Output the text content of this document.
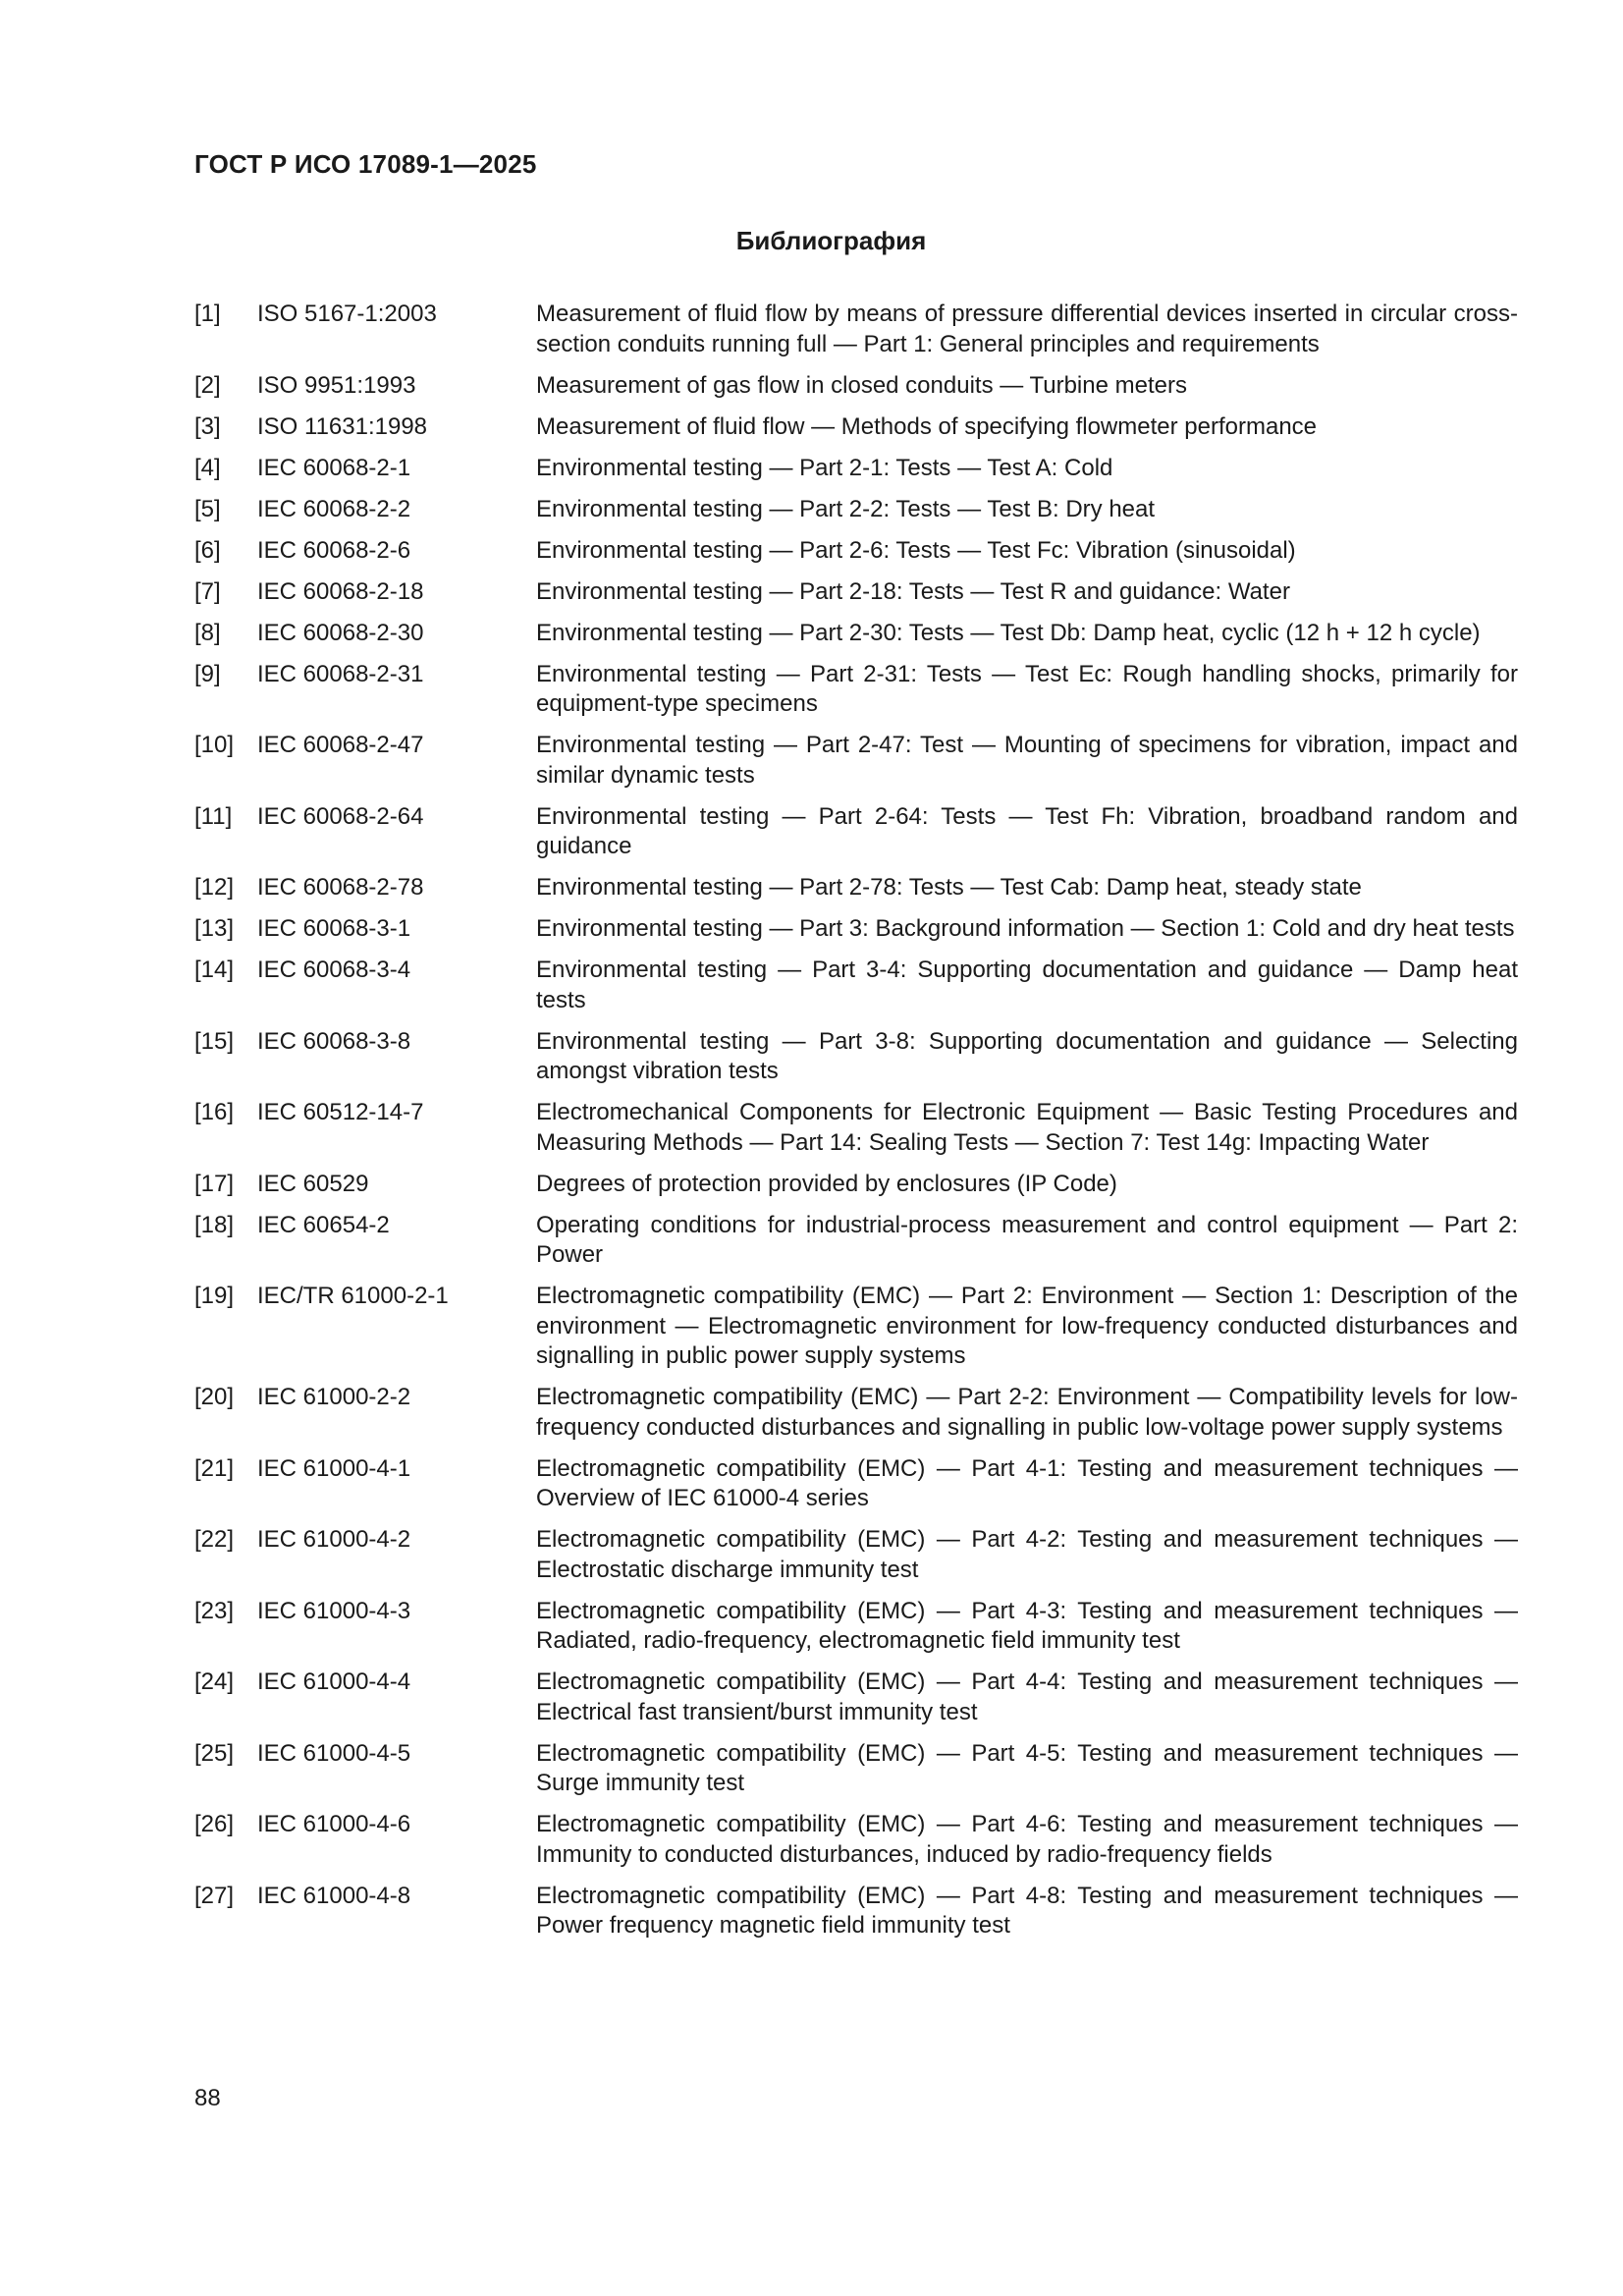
ГОСТ Р ИСО 17089-1—2025
Библиография
[1]	ISO 5167-1:2003	Measurement of fluid flow by means of pressure differential devices inserted in circular cross-section conduits running full — Part 1: General principles and requirements
[2]	ISO 9951:1993	Measurement of gas flow in closed conduits — Turbine meters
[3]	ISO 11631:1998	Measurement of fluid flow — Methods of specifying flowmeter performance
[4]	IEC 60068-2-1	Environmental testing — Part 2-1: Tests — Test A: Cold
[5]	IEC 60068-2-2	Environmental testing — Part 2-2: Tests — Test B: Dry heat
[6]	IEC 60068-2-6	Environmental testing — Part 2-6: Tests — Test Fc: Vibration (sinusoidal)
[7]	IEC 60068-2-18	Environmental testing — Part 2-18: Tests — Test R and guidance: Water
[8]	IEC 60068-2-30	Environmental testing — Part 2-30: Tests — Test Db: Damp heat, cyclic (12 h + 12 h cycle)
[9]	IEC 60068-2-31	Environmental testing — Part 2-31: Tests — Test Ec: Rough handling shocks, primarily for equipment-type specimens
[10] IEC 60068-2-47	Environmental testing — Part 2-47: Test — Mounting of specimens for vibration, impact and similar dynamic tests
[11]	IEC 60068-2-64	Environmental testing — Part 2-64: Tests — Test Fh: Vibration, broadband random and guidance
[12] IEC 60068-2-78	Environmental testing — Part 2-78: Tests — Test Cab: Damp heat, steady state
[13] IEC 60068-3-1	Environmental testing — Part 3: Background information — Section 1: Cold and dry heat tests
[14] IEC 60068-3-4	Environmental testing — Part 3-4: Supporting documentation and guidance — Damp heat tests
[15] IEC 60068-3-8	Environmental testing — Part 3-8: Supporting documentation and guidance — Selecting amongst vibration tests
[16] IEC 60512-14-7	Electromechanical Components for Electronic Equipment — Basic Testing Procedures and Measuring Methods — Part 14: Sealing Tests — Section 7: Test 14g: Impacting Water
[17] IEC 60529	Degrees of protection provided by enclosures (IP Code)
[18] IEC 60654-2	Operating conditions for industrial-process measurement and control equipment — Part 2: Power
[19] IEC/TR 61000-2-1	Electromagnetic compatibility (EMC) — Part 2: Environment — Section 1: Description of the environment — Electromagnetic environment for low-frequency conducted disturbances and signalling in public power supply systems
[20] IEC 61000-2-2	Electromagnetic compatibility (EMC) — Part 2-2: Environment — Compatibility levels for low-frequency conducted disturbances and signalling in public low-voltage power supply systems
[21] IEC 61000-4-1	Electromagnetic compatibility (EMC) — Part 4-1: Testing and measurement techniques — Overview of IEC 61000-4 series
[22] IEC 61000-4-2	Electromagnetic compatibility (EMC) — Part 4-2: Testing and measurement techniques — Electrostatic discharge immunity test
[23] IEC 61000-4-3	Electromagnetic compatibility (EMC) — Part 4-3: Testing and measurement techniques — Radiated, radio-frequency, electromagnetic field immunity test
[24] IEC 61000-4-4	Electromagnetic compatibility (EMC) — Part 4-4: Testing and measurement techniques — Electrical fast transient/burst immunity test
[25] IEC 61000-4-5	Electromagnetic compatibility (EMC) — Part 4-5: Testing and measurement techniques — Surge immunity test
[26] IEC 61000-4-6	Electromagnetic compatibility (EMC) — Part 4-6: Testing and measurement techniques — Immunity to conducted disturbances, induced by radio-frequency fields
[27] IEC 61000-4-8	Electromagnetic compatibility (EMC) — Part 4-8: Testing and measurement techniques — Power frequency magnetic field immunity test
88
